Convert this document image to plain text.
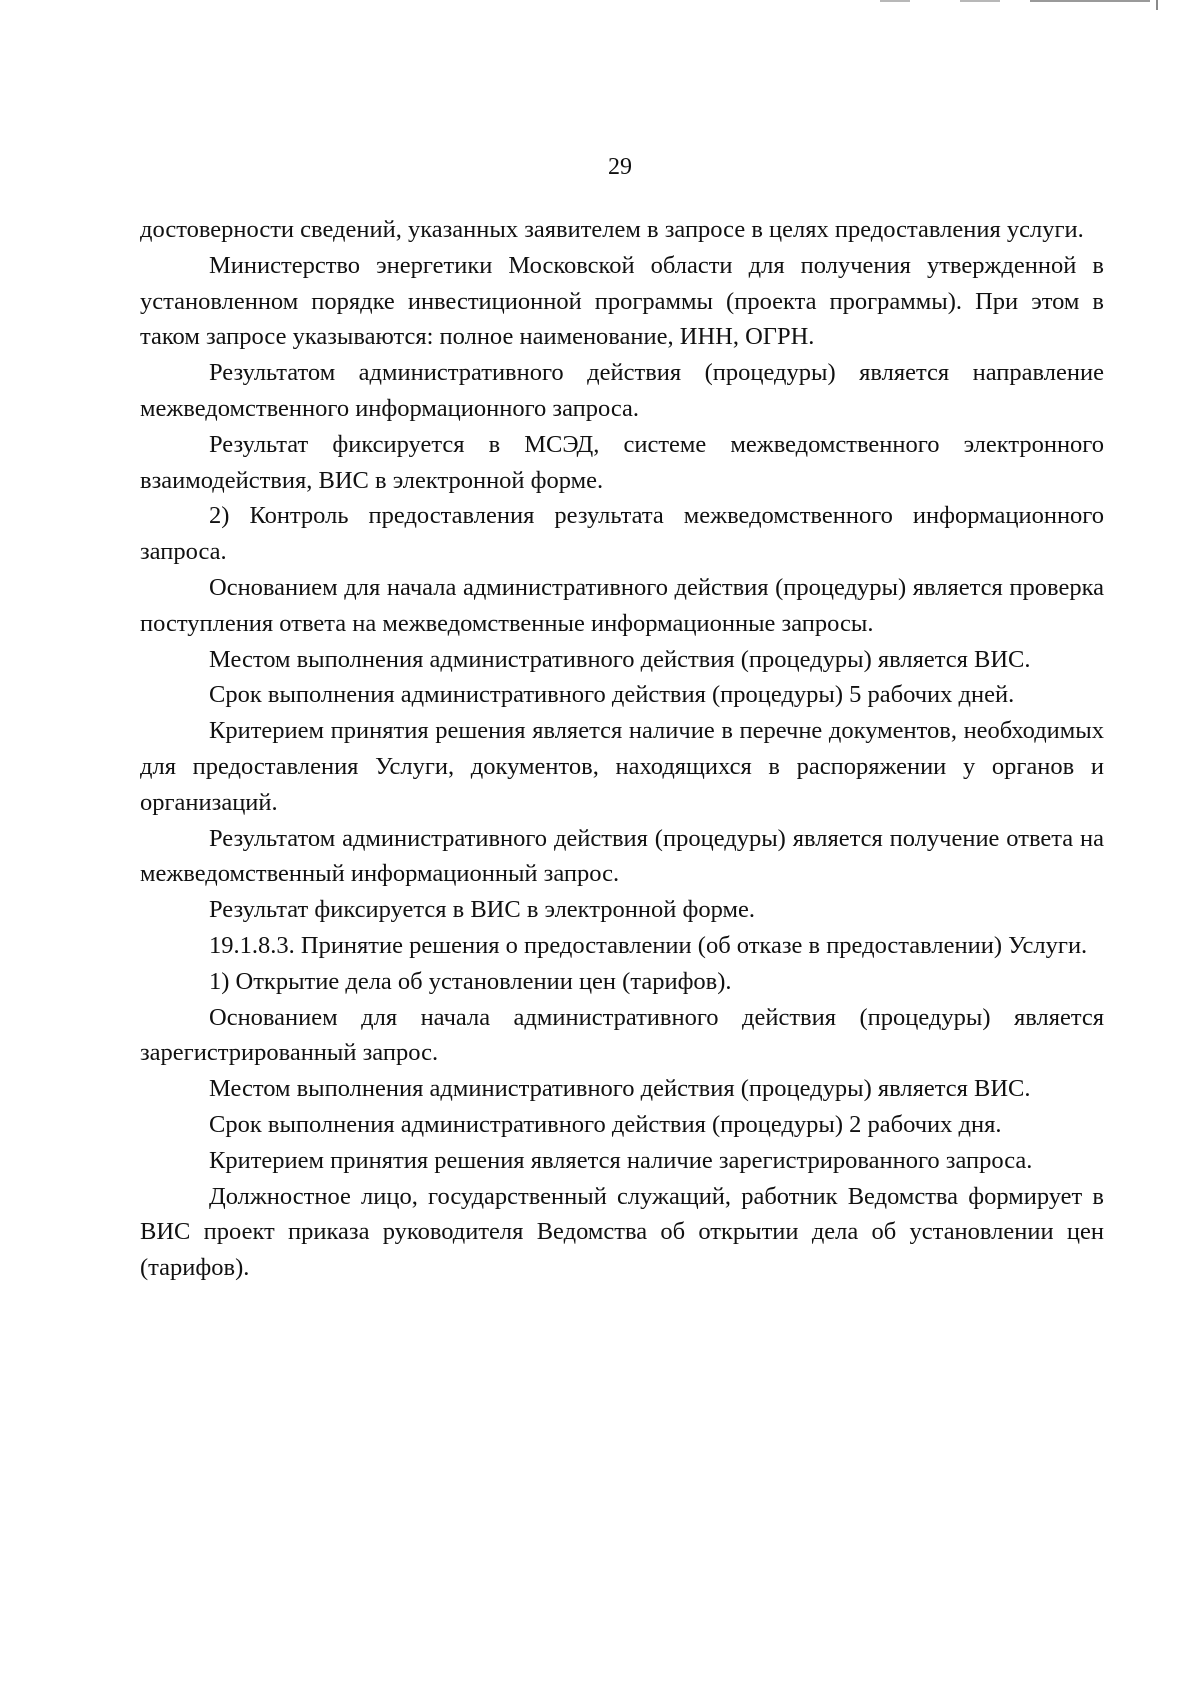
29

достоверности сведений, указанных заявителем в запросе в целях предоставления услуги.

Министерство энергетики Московской области для получения утвержденной в установленном порядке инвестиционной программы (проекта программы). При этом в таком запросе указываются: полное наименование, ИНН, ОГРН.

Результатом административного действия (процедуры) является направление межведомственного информационного запроса.

Результат фиксируется в МСЭД, системе межведомственного электронного взаимодействия, ВИС в электронной форме.

2) Контроль предоставления результата межведомственного информационного запроса.

Основанием для начала административного действия (процедуры) является проверка поступления ответа на межведомственные информационные запросы.

Местом выполнения административного действия (процедуры) является ВИС.

Срок выполнения административного действия (процедуры) 5 рабочих дней.

Критерием принятия решения является наличие в перечне документов, необходимых для предоставления Услуги, документов, находящихся в распоряжении у органов и организаций.

Результатом административного действия (процедуры) является получение ответа на межведомственный информационный запрос.

Результат фиксируется в ВИС в электронной форме.

19.1.8.3. Принятие решения о предоставлении (об отказе в предоставлении) Услуги.

1) Открытие дела об установлении цен (тарифов).

Основанием для начала административного действия (процедуры) является зарегистрированный запрос.

Местом выполнения административного действия (процедуры) является ВИС.

Срок выполнения административного действия (процедуры) 2 рабочих дня.

Критерием принятия решения является наличие зарегистрированного запроса.

Должностное лицо, государственный служащий, работник Ведомства формирует в ВИС проект приказа руководителя Ведомства об открытии дела об установлении цен (тарифов).
